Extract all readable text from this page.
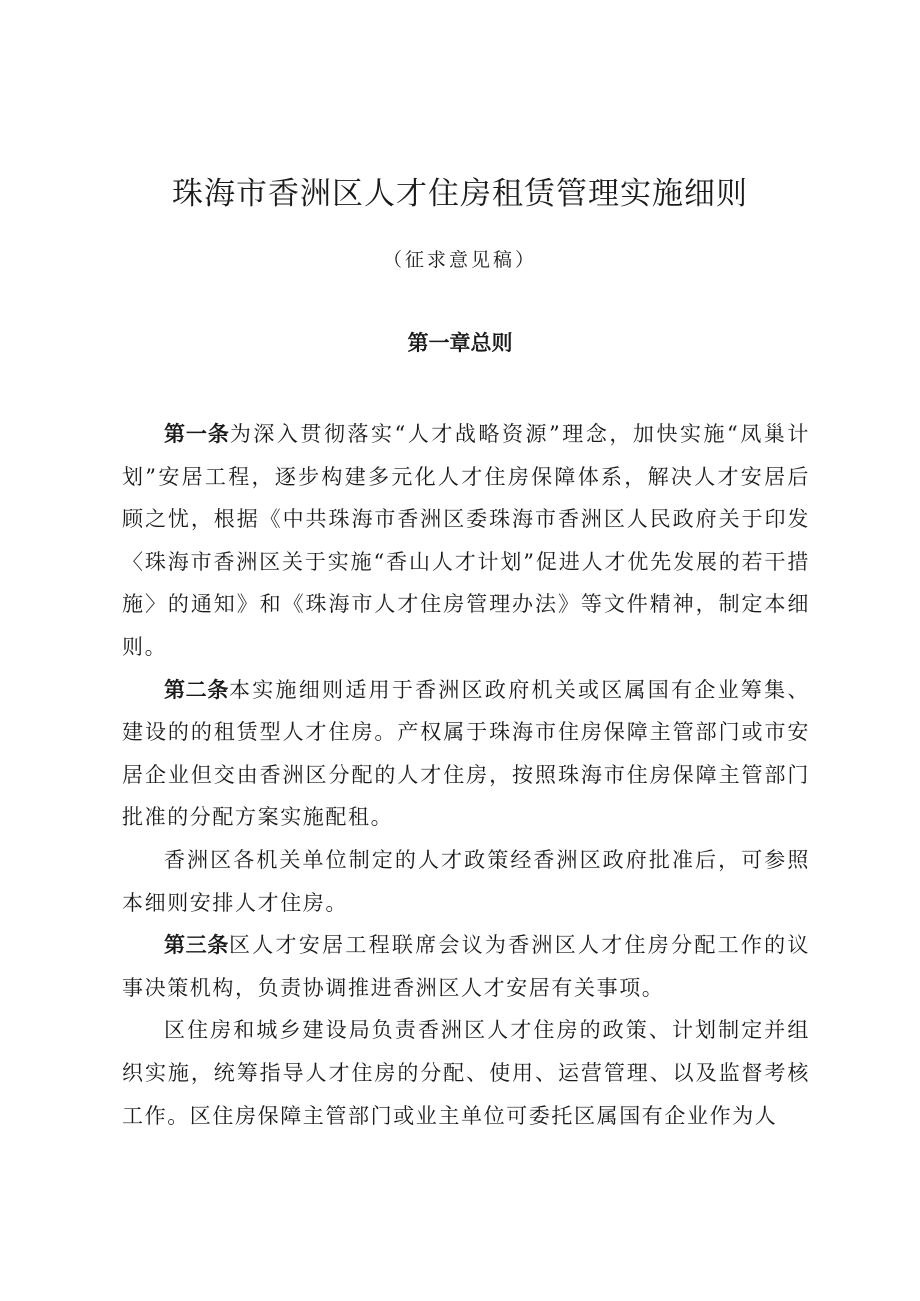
珠海市香洲区人才住房租赁管理实施细则

（征求意见稿）

第一章总则

第一条为深入贯彻落实“人才战略资源”理念，加快实施“凤巢计划”安居工程，逐步构建多元化人才住房保障体系，解决人才安居后顾之忧，根据《中共珠海市香洲区委珠海市香洲区人民政府关于印发〈珠海市香洲区关于实施“香山人才计划”促进人才优先发展的若干措施〉的通知》和《珠海市人才住房管理办法》等文件精神，制定本细则。

第二条本实施细则适用于香洲区政府机关或区属国有企业筹集、建设的的租赁型人才住房。产权属于珠海市住房保障主管部门或市安居企业但交由香洲区分配的人才住房，按照珠海市住房保障主管部门批准的分配方案实施配租。

香洲区各机关单位制定的人才政策经香洲区政府批准后，可参照本细则安排人才住房。

第三条区人才安居工程联席会议为香洲区人才住房分配工作的议事决策机构，负责协调推进香洲区人才安居有关事项。

区住房和城乡建设局负责香洲区人才住房的政策、计划制定并组织实施，统筹指导人才住房的分配、使用、运营管理、以及监督考核工作。区住房保障主管部门或业主单位可委托区属国有企业作为人
